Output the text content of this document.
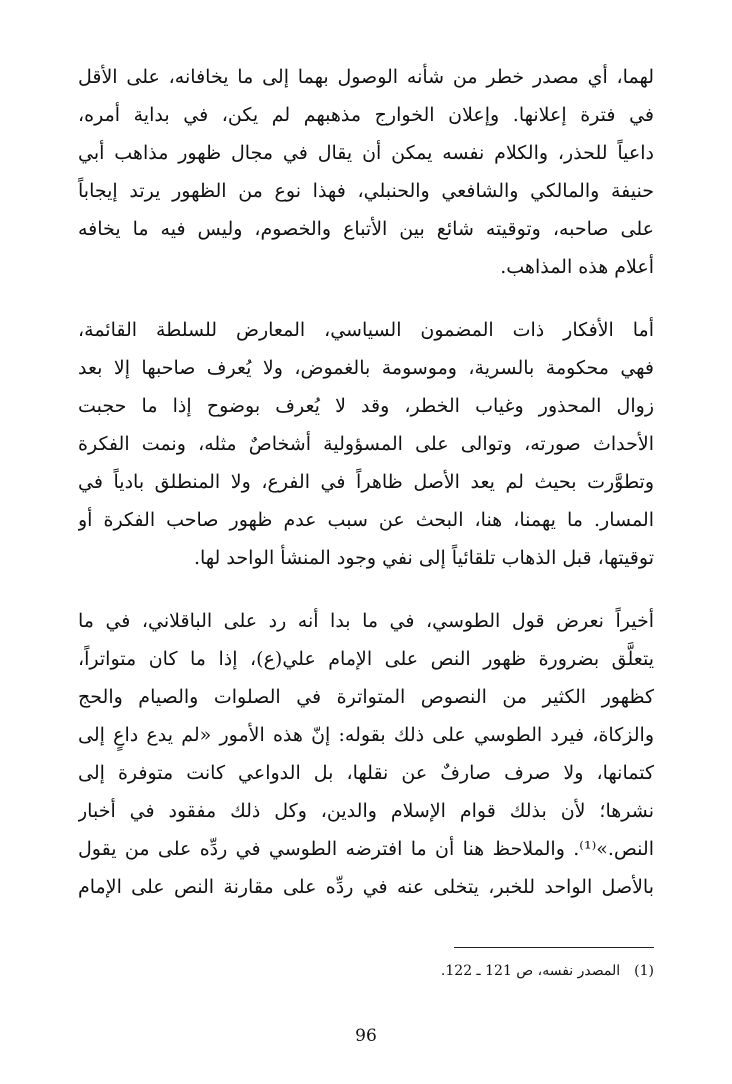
لهما، أي مصدر خطر من شأنه الوصول بهما إلى ما يخافانه، على الأقل
في فترة إعلانها. وإعلان الخوارج مذهبهم لم يكن، في بداية أمره،
داعياً للحذر، والكلام نفسه يمكن أن يقال في مجال ظهور مذاهب أبي
حنيفة والمالكي والشافعي والحنبلي، فهذا نوع من الظهور يرتد إيجاباً
على صاحبه، وتوقيته شائع بين الأتباع والخصوم، وليس فيه ما يخافه
أعلام هذه المذاهب.
أما الأفكار ذات المضمون السياسي، المعارض للسلطة القائمة،
فهي محكومة بالسرية، وموسومة بالغموض، ولا يُعرف صاحبها إلا بعد
زوال المحذور وغياب الخطر، وقد لا يُعرف بوضوح إذا ما حجبت
الأحداث صورته، وتوالى على المسؤولية أشخاصٌ مثله، ونمت الفكرة
وتطوَّرت بحيث لم يعد الأصل ظاهراً في الفرع، ولا المنطلق بادياً في
المسار. ما يهمنا، هنا، البحث عن سبب عدم ظهور صاحب الفكرة أو
توقيتها، قبل الذهاب تلقائياً إلى نفي وجود المنشأ الواحد لها.
أخيراً نعرض قول الطوسي، في ما بدا أنه رد على الباقلاني، في ما
يتعلَّق بضرورة ظهور النص على الإمام علي(ع)، إذا ما كان متواتراً،
كظهور الكثير من النصوص المتواترة في الصلوات والصيام والحج
والزكاة، فيرد الطوسي على ذلك بقوله: إنّ هذه الأمور «لم يدع داعٍ إلى
كتمانها، ولا صرف صارفٌ عن نقلها، بل الدواعي كانت متوفرة إلى
نشرها؛ لأن بذلك قوام الإسلام والدين، وكل ذلك مفقود في أخبار
النص.»⁽¹⁾. والملاحظ هنا أن ما افترضه الطوسي في ردِّه على من يقول
بالأصل الواحد للخبر، يتخلى عنه في ردِّه على مقارنة النص على الإمام
(1)المصدر نفسه، ص 121 ـ 122.
96
